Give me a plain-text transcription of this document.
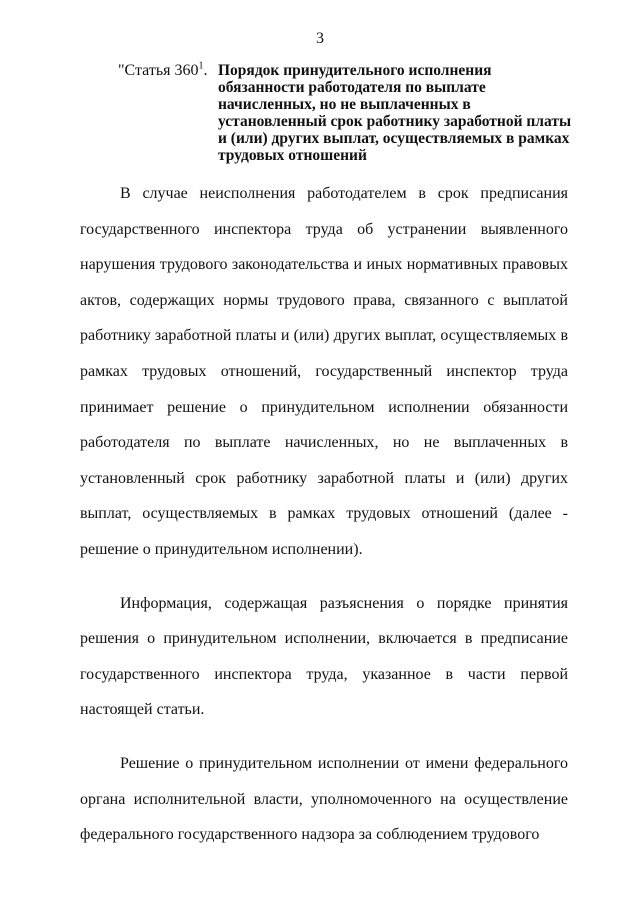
3
"Статья $360^1$. Порядок принудительного исполнения обязанности работодателя по выплате начисленных, но не выплаченных в установленный срок работнику заработной платы и (или) других выплат, осуществляемых в рамках трудовых отношений

В случае неисполнения работодателем в срок предписания государственного инспектора труда об устранении выявленного нарушения трудового законодательства и иных нормативных правовых актов, содержащих нормы трудового права, связанного с выплатой работнику заработной платы и (или) других выплат, осуществляемых в рамках трудовых отношений, государственный инспектор труда принимает решение о принудительном исполнении обязанности работодателя по выплате начисленных, но не выплаченных в установленный срок работнику заработной платы и (или) других выплат, осуществляемых в рамках трудовых отношений (далее - решение о принудительном исполнении).

Информация, содержащая разъяснения о порядке принятия решения о принудительном исполнении, включается в предписание государственного инспектора труда, указанное в части первой настоящей статьи.

Решение о принудительном исполнении от имени федерального органа исполнительной власти, уполномоченного на осуществление федерального государственного надзора за соблюдением трудового
